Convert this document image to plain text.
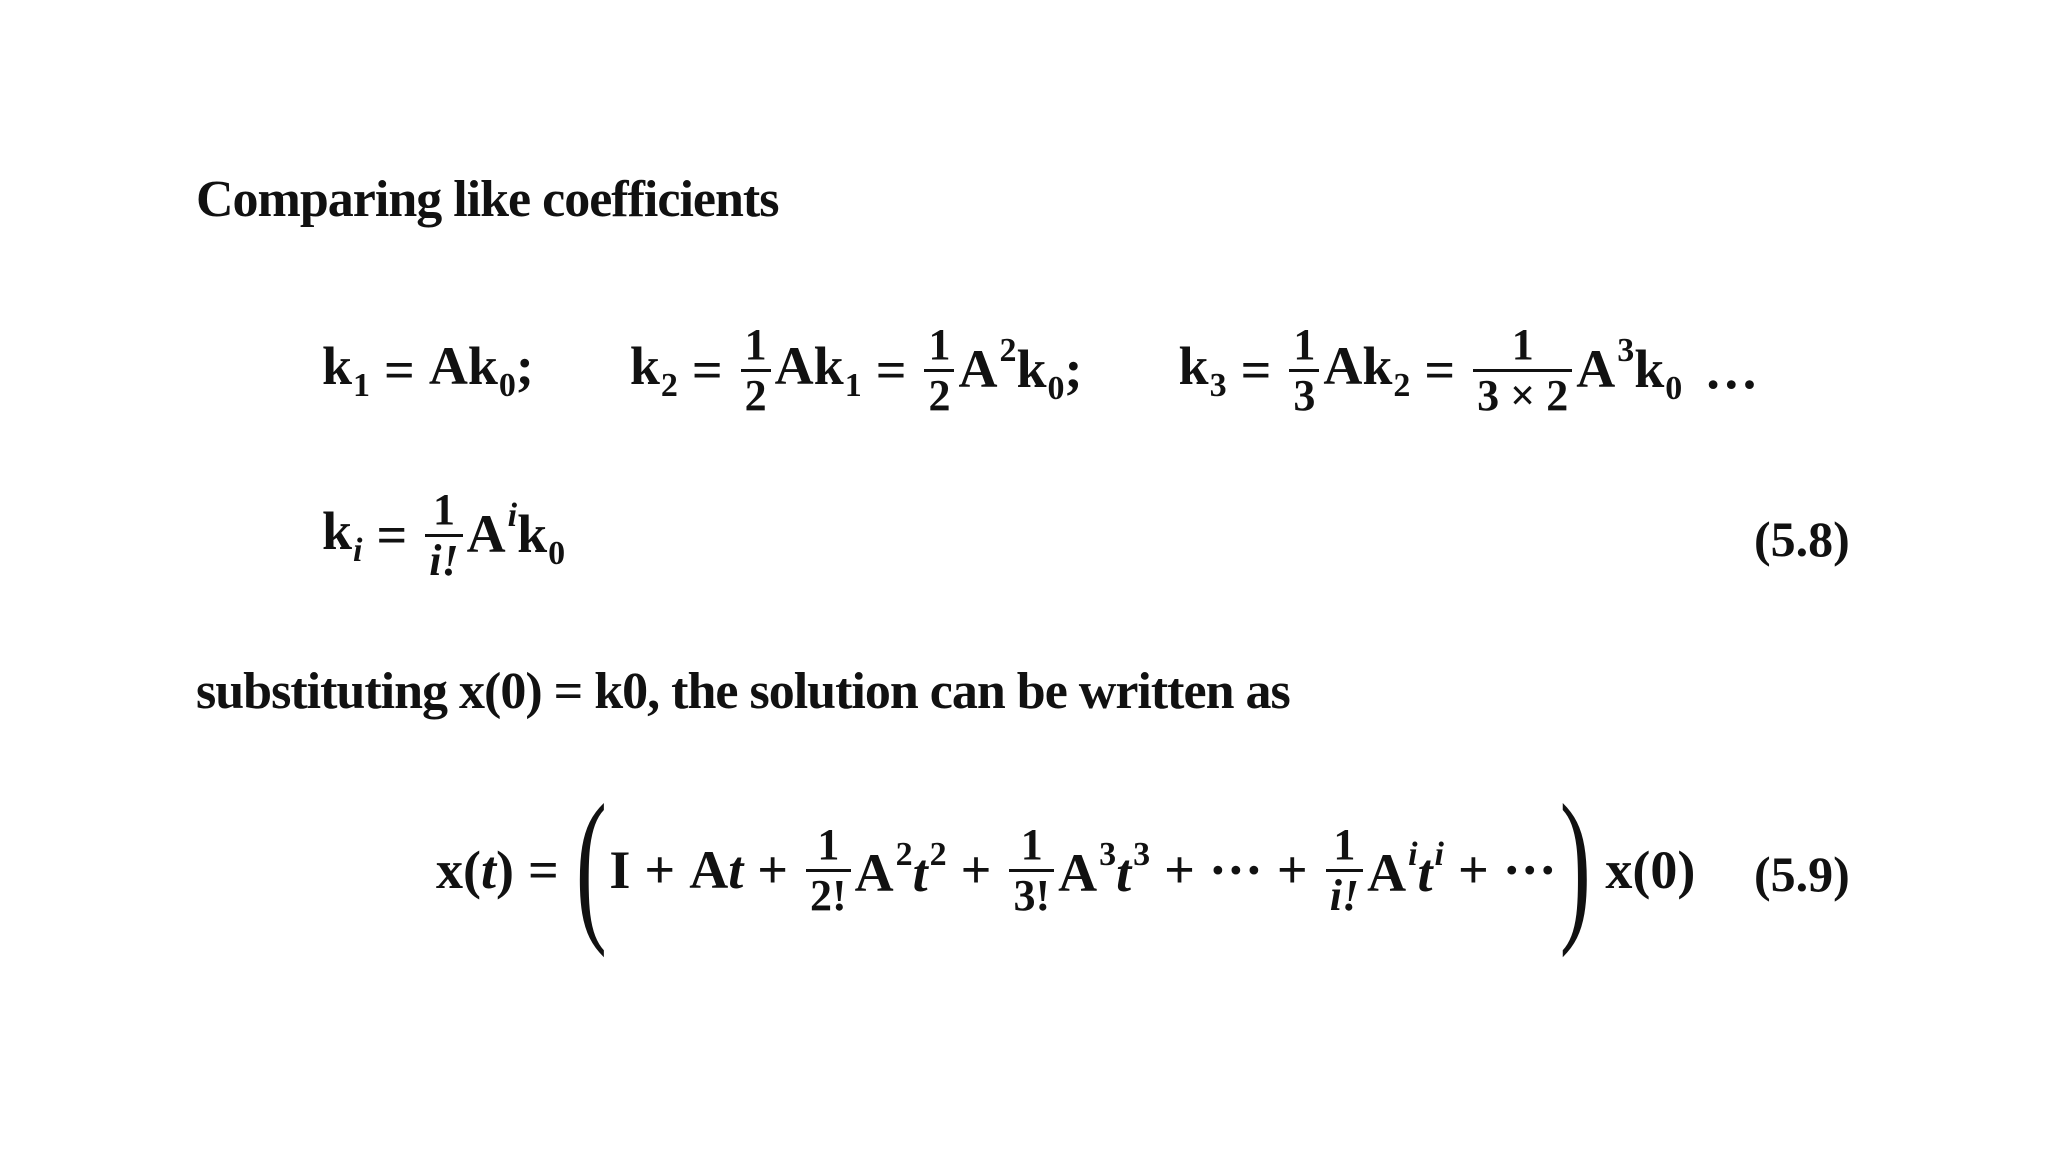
Comparing like coefficients
$k_1 = Ak_0$; $k_2 = \frac{1}{2} Ak_1 = \frac{1}{2} A^2k_0$; $k_3 = \frac{1}{3} Ak_2 = \frac{1}{3 \times 2} A^3k_0$ …
$k_i = \frac{1}{i!} A^ik_0$	(5.8)
substituting x(0) = k0, the solution can be written as
x(t) = ( $I + At + \frac{1}{2!} A^2t^2 + \frac{1}{3!} A^3t^3$ + ··· + $\frac{1}{i!} A^it^i$ + ··· ) x(0) (5.9)
